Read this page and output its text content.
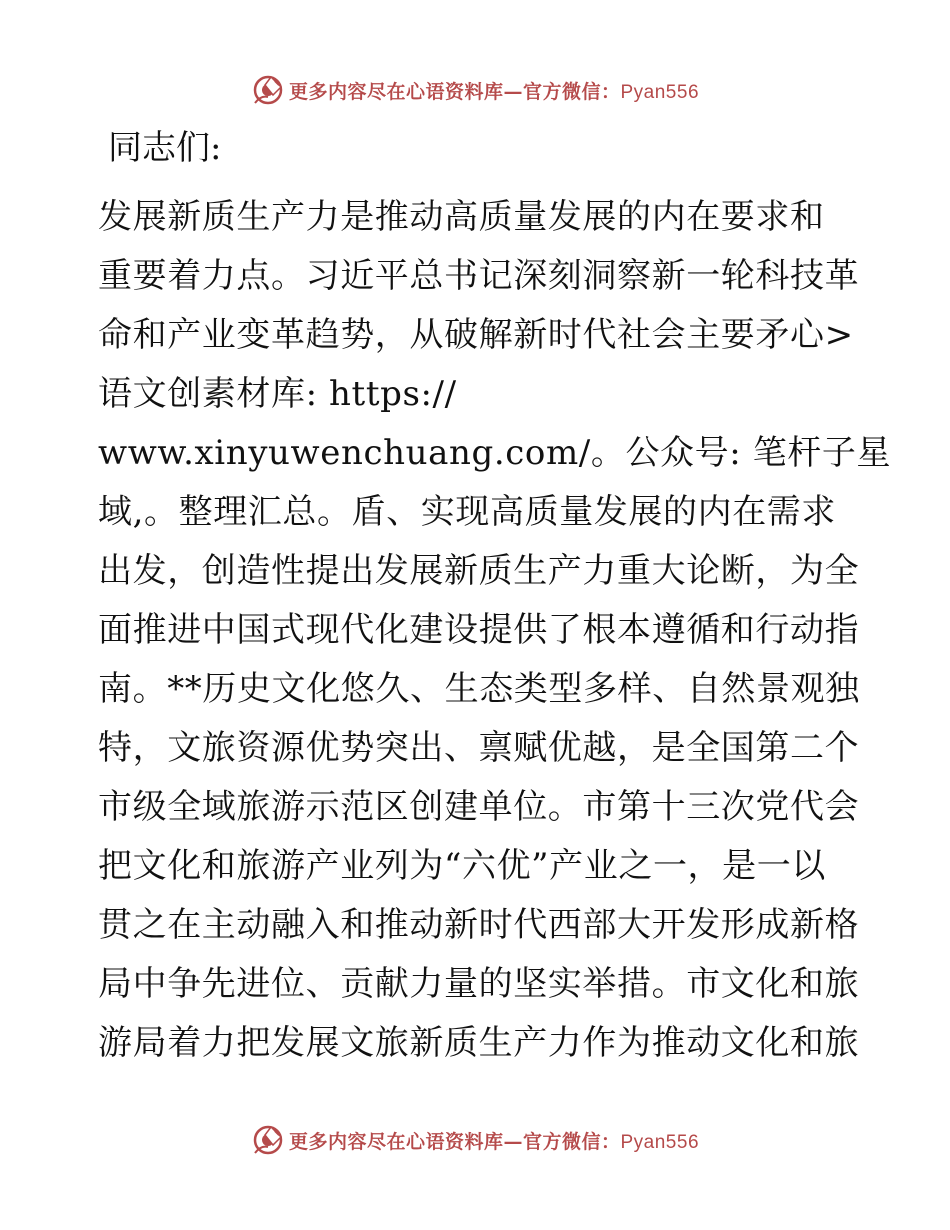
更多内容尽在心语资料库—官方微信：Pyan556
同志们:
发展新质生产力是推动高质量发展的内在要求和
重要着力点。习近平总书记深刻洞察新一轮科技革
命和产业变革趋势，从破解新时代社会主要矛心>
语文创素材库: https://
www.xinyuwenchuang.com/。公众号: 笔杆子星
域,。整理汇总。盾、实现高质量发展的内在需求
出发，创造性提出发展新质生产力重大论断，为全
面推进中国式现代化建设提供了根本遵循和行动指
南。**历史文化悠久、生态类型多样、自然景观独
特，文旅资源优势突出、禀赋优越，是全国第二个
市级全域旅游示范区创建单位。市第十三次党代会
把文化和旅游产业列为“六优”产业之一，是一以
贯之在主动融入和推动新时代西部大开发形成新格
局中争先进位、贡献力量的坚实举措。市文化和旅
游局着力把发展文旅新质生产力作为推动文化和旅
更多内容尽在心语资料库—官方微信：Pyan556
